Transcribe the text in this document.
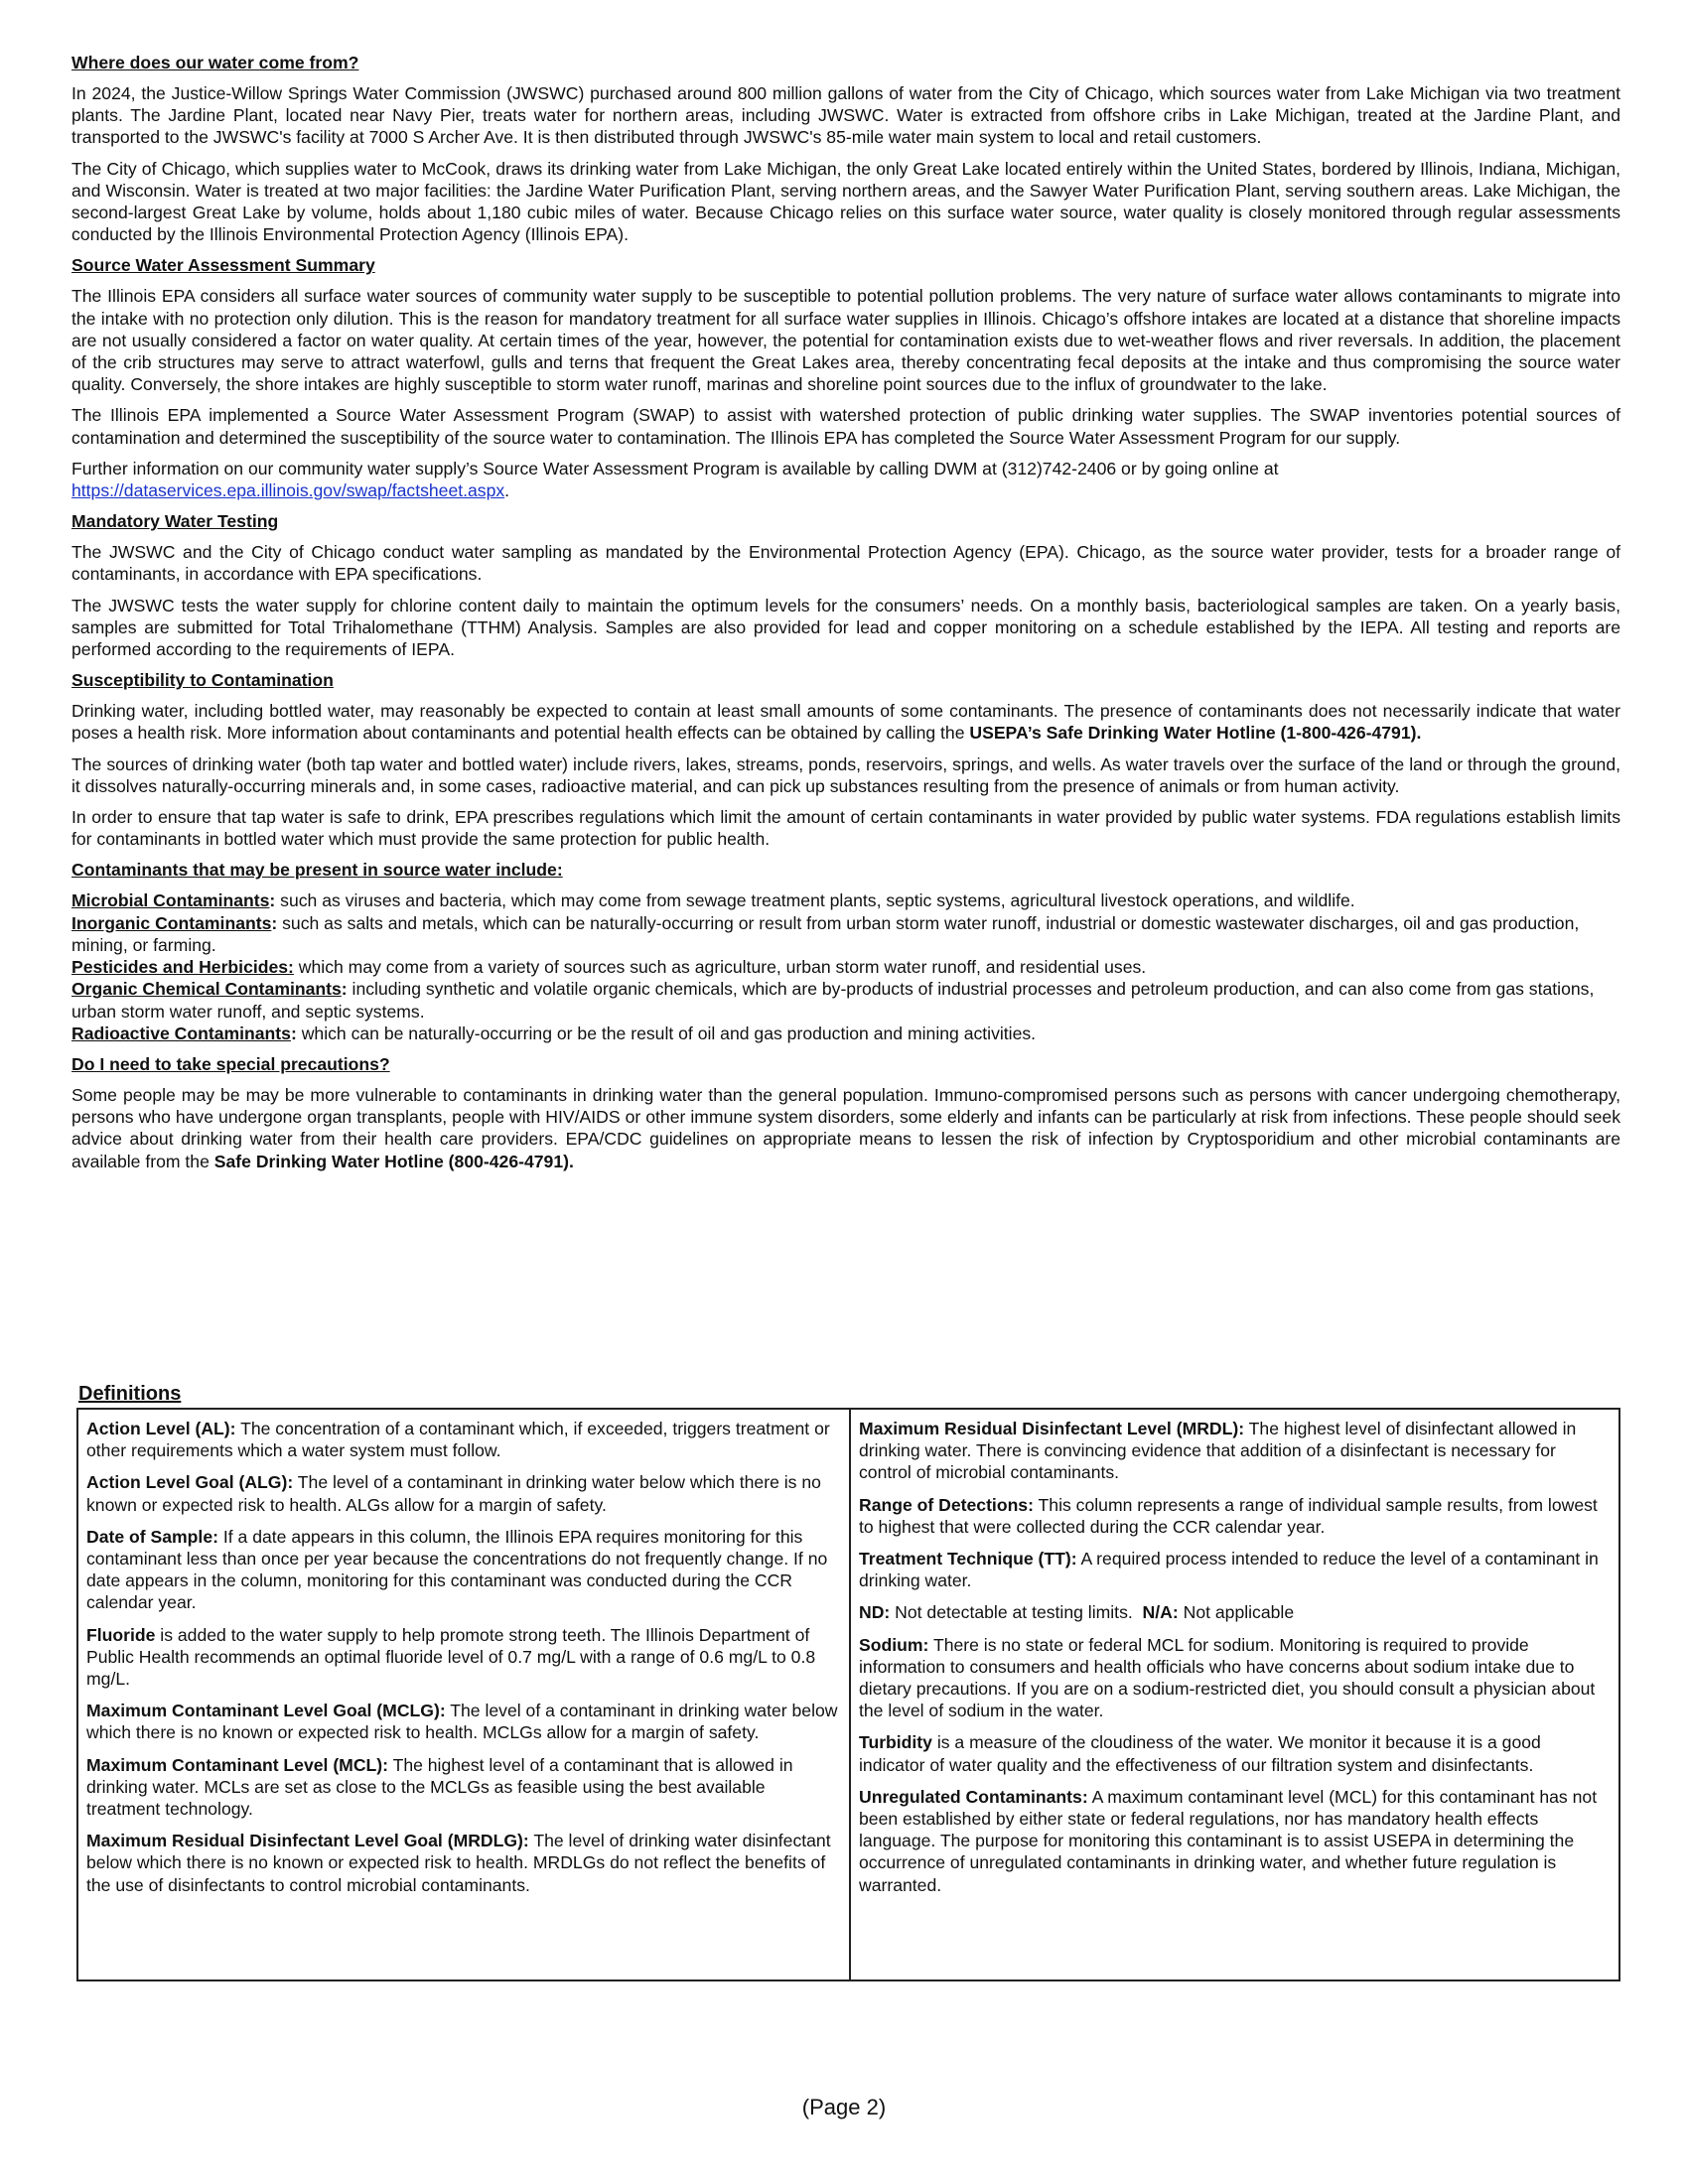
Where does our water come from?

In 2024, the Justice-Willow Springs Water Commission (JWSWC) purchased around 800 million gallons of water from the City of Chicago, which sources water from Lake Michigan via two treatment plants. The Jardine Plant, located near Navy Pier, treats water for northern areas, including JWSWC. Water is extracted from offshore cribs in Lake Michigan, treated at the Jardine Plant, and transported to the JWSWC's facility at 7000 S Archer Ave. It is then distributed through JWSWC's 85-mile water main system to local and retail customers.

The City of Chicago, which supplies water to McCook, draws its drinking water from Lake Michigan, the only Great Lake located entirely within the United States, bordered by Illinois, Indiana, Michigan, and Wisconsin. Water is treated at two major facilities: the Jardine Water Purification Plant, serving northern areas, and the Sawyer Water Purification Plant, serving southern areas. Lake Michigan, the second-largest Great Lake by volume, holds about 1,180 cubic miles of water. Because Chicago relies on this surface water source, water quality is closely monitored through regular assessments conducted by the Illinois Environmental Protection Agency (Illinois EPA).

Source Water Assessment Summary

The Illinois EPA considers all surface water sources of community water supply to be susceptible to potential pollution problems. The very nature of surface water allows contaminants to migrate into the intake with no protection only dilution. This is the reason for mandatory treatment for all surface water supplies in Illinois. Chicago’s offshore intakes are located at a distance that shoreline impacts are not usually considered a factor on water quality. At certain times of the year, however, the potential for contamination exists due to wet-weather flows and river reversals. In addition, the placement of the crib structures may serve to attract waterfowl, gulls and terns that frequent the Great Lakes area, thereby concentrating fecal deposits at the intake and thus compromising the source water quality. Conversely, the shore intakes are highly susceptible to storm water runoff, marinas and shoreline point sources due to the influx of groundwater to the lake.

The Illinois EPA implemented a Source Water Assessment Program (SWAP) to assist with watershed protection of public drinking water supplies. The SWAP inventories potential sources of contamination and determined the susceptibility of the source water to contamination. The Illinois EPA has completed the Source Water Assessment Program for our supply.

Further information on our community water supply’s Source Water Assessment Program is available by calling DWM at (312)742-2406 or by going online at https://dataservices.epa.illinois.gov/swap/factsheet.aspx.

Mandatory Water Testing

The JWSWC and the City of Chicago conduct water sampling as mandated by the Environmental Protection Agency (EPA). Chicago, as the source water provider, tests for a broader range of contaminants, in accordance with EPA specifications.

The JWSWC tests the water supply for chlorine content daily to maintain the optimum levels for the consumers’ needs. On a monthly basis, bacteriological samples are taken. On a yearly basis, samples are submitted for Total Trihalomethane (TTHM) Analysis. Samples are also provided for lead and copper monitoring on a schedule established by the IEPA. All testing and reports are performed according to the requirements of IEPA.

Susceptibility to Contamination

Drinking water, including bottled water, may reasonably be expected to contain at least small amounts of some contaminants. The presence of contaminants does not necessarily indicate that water poses a health risk. More information about contaminants and potential health effects can be obtained by calling the USEPA’s Safe Drinking Water Hotline (1-800-426-4791).

The sources of drinking water (both tap water and bottled water) include rivers, lakes, streams, ponds, reservoirs, springs, and wells. As water travels over the surface of the land or through the ground, it dissolves naturally-occurring minerals and, in some cases, radioactive material, and can pick up substances resulting from the presence of animals or from human activity.

In order to ensure that tap water is safe to drink, EPA prescribes regulations which limit the amount of certain contaminants in water provided by public water systems. FDA regulations establish limits for contaminants in bottled water which must provide the same protection for public health.

Contaminants that may be present in source water include:

Microbial Contaminants: such as viruses and bacteria, which may come from sewage treatment plants, septic systems, agricultural livestock operations, and wildlife.

Inorganic Contaminants: such as salts and metals, which can be naturally-occurring or result from urban storm water runoff, industrial or domestic wastewater discharges, oil and gas production, mining, or farming.

Pesticides and Herbicides: which may come from a variety of sources such as agriculture, urban storm water runoff, and residential uses.

Organic Chemical Contaminants: including synthetic and volatile organic chemicals, which are by-products of industrial processes and petroleum production, and can also come from gas stations, urban storm water runoff, and septic systems.

Radioactive Contaminants: which can be naturally-occurring or be the result of oil and gas production and mining activities.

Do I need to take special precautions?

Some people may be may be more vulnerable to contaminants in drinking water than the general population. Immuno-compromised persons such as persons with cancer undergoing chemotherapy, persons who have undergone organ transplants, people with HIV/AIDS or other immune system disorders, some elderly and infants can be particularly at risk from infections. These people should seek advice about drinking water from their health care providers. EPA/CDC guidelines on appropriate means to lessen the risk of infection by Cryptosporidium and other microbial contaminants are available from the Safe Drinking Water Hotline (800-426-4791).

Definitions

Action Level (AL): The concentration of a contaminant which, if exceeded, triggers treatment or other requirements which a water system must follow.

Action Level Goal (ALG): The level of a contaminant in drinking water below which there is no known or expected risk to health. ALGs allow for a margin of safety.

Date of Sample: If a date appears in this column, the Illinois EPA requires monitoring for this contaminant less than once per year because the concentrations do not frequently change. If no date appears in the column, monitoring for this contaminant was conducted during the CCR calendar year.

Fluoride is added to the water supply to help promote strong teeth. The Illinois Department of Public Health recommends an optimal fluoride level of 0.7 mg/L with a range of 0.6 mg/L to 0.8 mg/L.

Maximum Contaminant Level Goal (MCLG): The level of a contaminant in drinking water below which there is no known or expected risk to health. MCLGs allow for a margin of safety.

Maximum Contaminant Level (MCL): The highest level of a contaminant that is allowed in drinking water. MCLs are set as close to the MCLGs as feasible using the best available treatment technology.

Maximum Residual Disinfectant Level Goal (MRDLG): The level of drinking water disinfectant below which there is no known or expected risk to health. MRDLGs do not reflect the benefits of the use of disinfectants to control microbial contaminants.

Maximum Residual Disinfectant Level (MRDL): The highest level of disinfectant allowed in drinking water. There is convincing evidence that addition of a disinfectant is necessary for control of microbial contaminants.

Range of Detections: This column represents a range of individual sample results, from lowest to highest that were collected during the CCR calendar year.

Treatment Technique (TT): A required process intended to reduce the level of a contaminant in drinking water.

ND: Not detectable at testing limits.  N/A: Not applicable

Sodium: There is no state or federal MCL for sodium. Monitoring is required to provide information to consumers and health officials who have concerns about sodium intake due to dietary precautions. If you are on a sodium-restricted diet, you should consult a physician about the level of sodium in the water.

Turbidity is a measure of the cloudiness of the water. We monitor it because it is a good indicator of water quality and the effectiveness of our filtration system and disinfectants.

Unregulated Contaminants: A maximum contaminant level (MCL) for this contaminant has not been established by either state or federal regulations, nor has mandatory health effects language. The purpose for monitoring this contaminant is to assist USEPA in determining the occurrence of unregulated contaminants in drinking water, and whether future regulation is warranted.

(Page 2)
